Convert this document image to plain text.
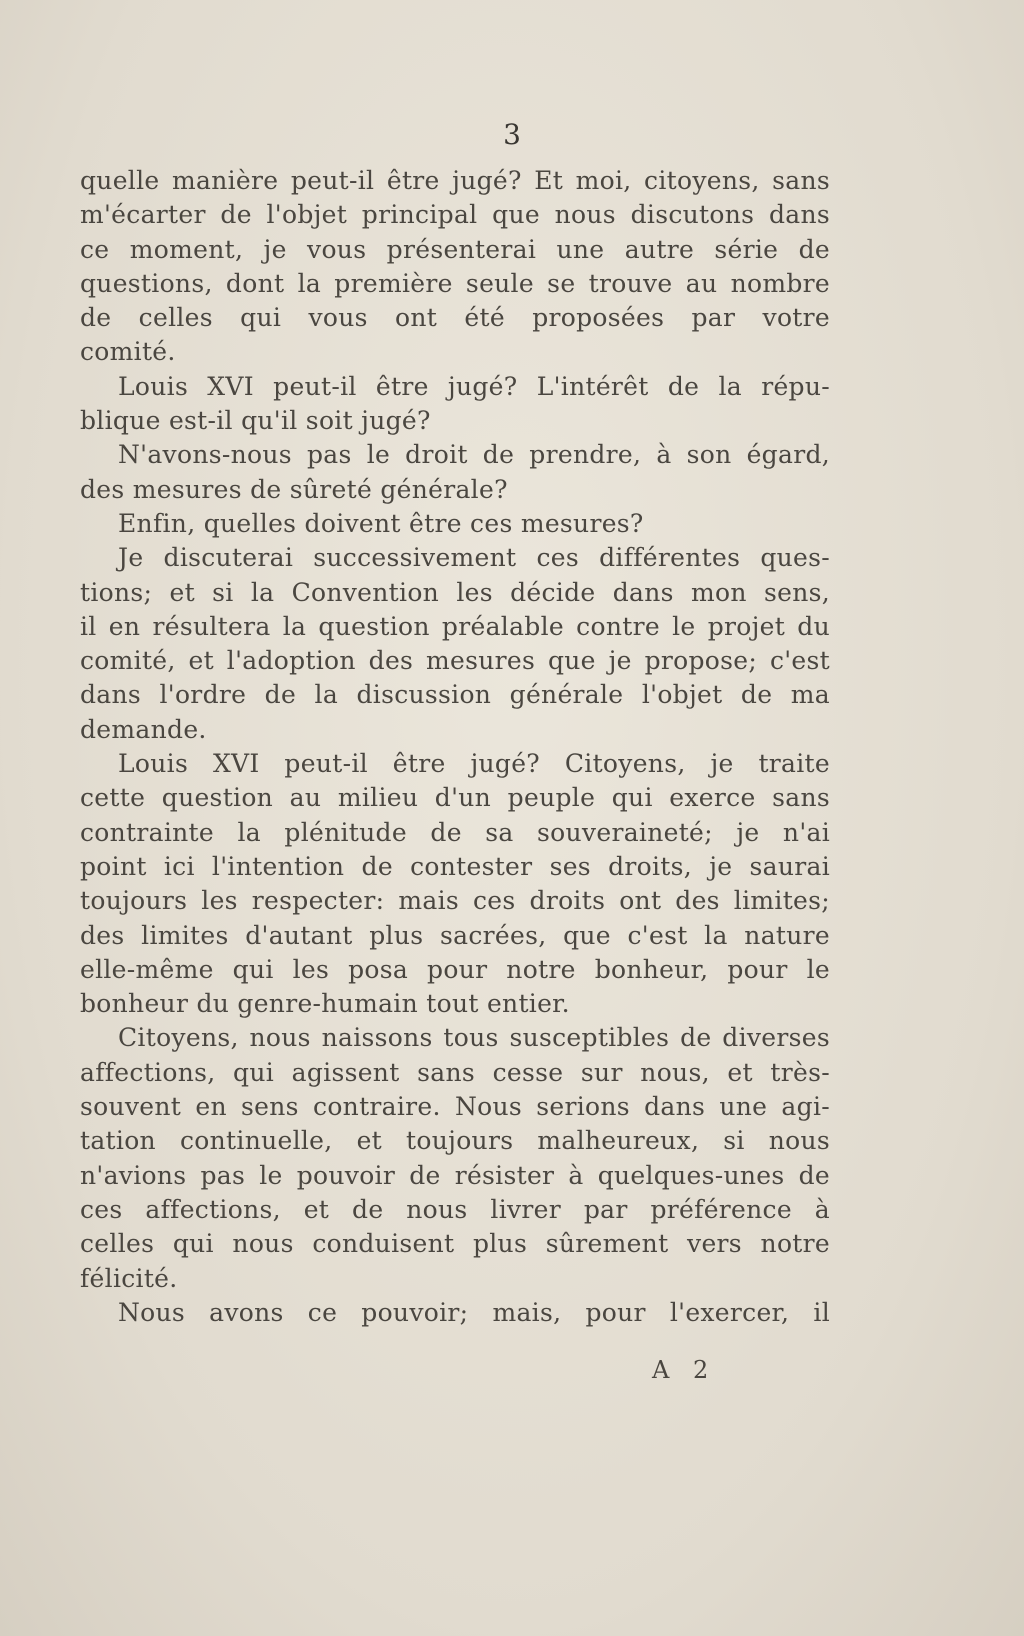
3
quelle manière peut-il être jugé? Et moi, citoyens, sans
m'écarter de l'objet principal que nous discutons dans
ce moment, je vous présenterai une autre série de
questions, dont la première seule se trouve au nombre
de celles qui vous ont été proposées par votre
comité.
Louis XVI peut-il être jugé? L'intérêt de la répu-
blique est-il qu'il soit jugé?
N'avons-nous pas le droit de prendre, à son égard,
des mesures de sûreté générale?
Enfin, quelles doivent être ces mesures?
Je discuterai successivement ces différentes ques-
tions; et si la Convention les décide dans mon sens,
il en résultera la question préalable contre le projet du
comité, et l'adoption des mesures que je propose; c'est
dans l'ordre de la discussion générale l'objet de ma
demande.
Louis XVI peut-il être jugé? Citoyens, je traite
cette question au milieu d'un peuple qui exerce sans
contrainte la plénitude de sa souveraineté; je n'ai
point ici l'intention de contester ses droits, je saurai
toujours les respecter: mais ces droits ont des limites;
des limites d'autant plus sacrées, que c'est la nature
elle-même qui les posa pour notre bonheur, pour le
bonheur du genre-humain tout entier.
Citoyens, nous naissons tous susceptibles de diverses
affections, qui agissent sans cesse sur nous, et très-
souvent en sens contraire. Nous serions dans une agi-
tation continuelle, et toujours malheureux, si nous
n'avions pas le pouvoir de résister à quelques-unes de
ces affections, et de nous livrer par préférence à
celles qui nous conduisent plus sûrement vers notre
félicité.
Nous avons ce pouvoir; mais, pour l'exercer, il
A 2
